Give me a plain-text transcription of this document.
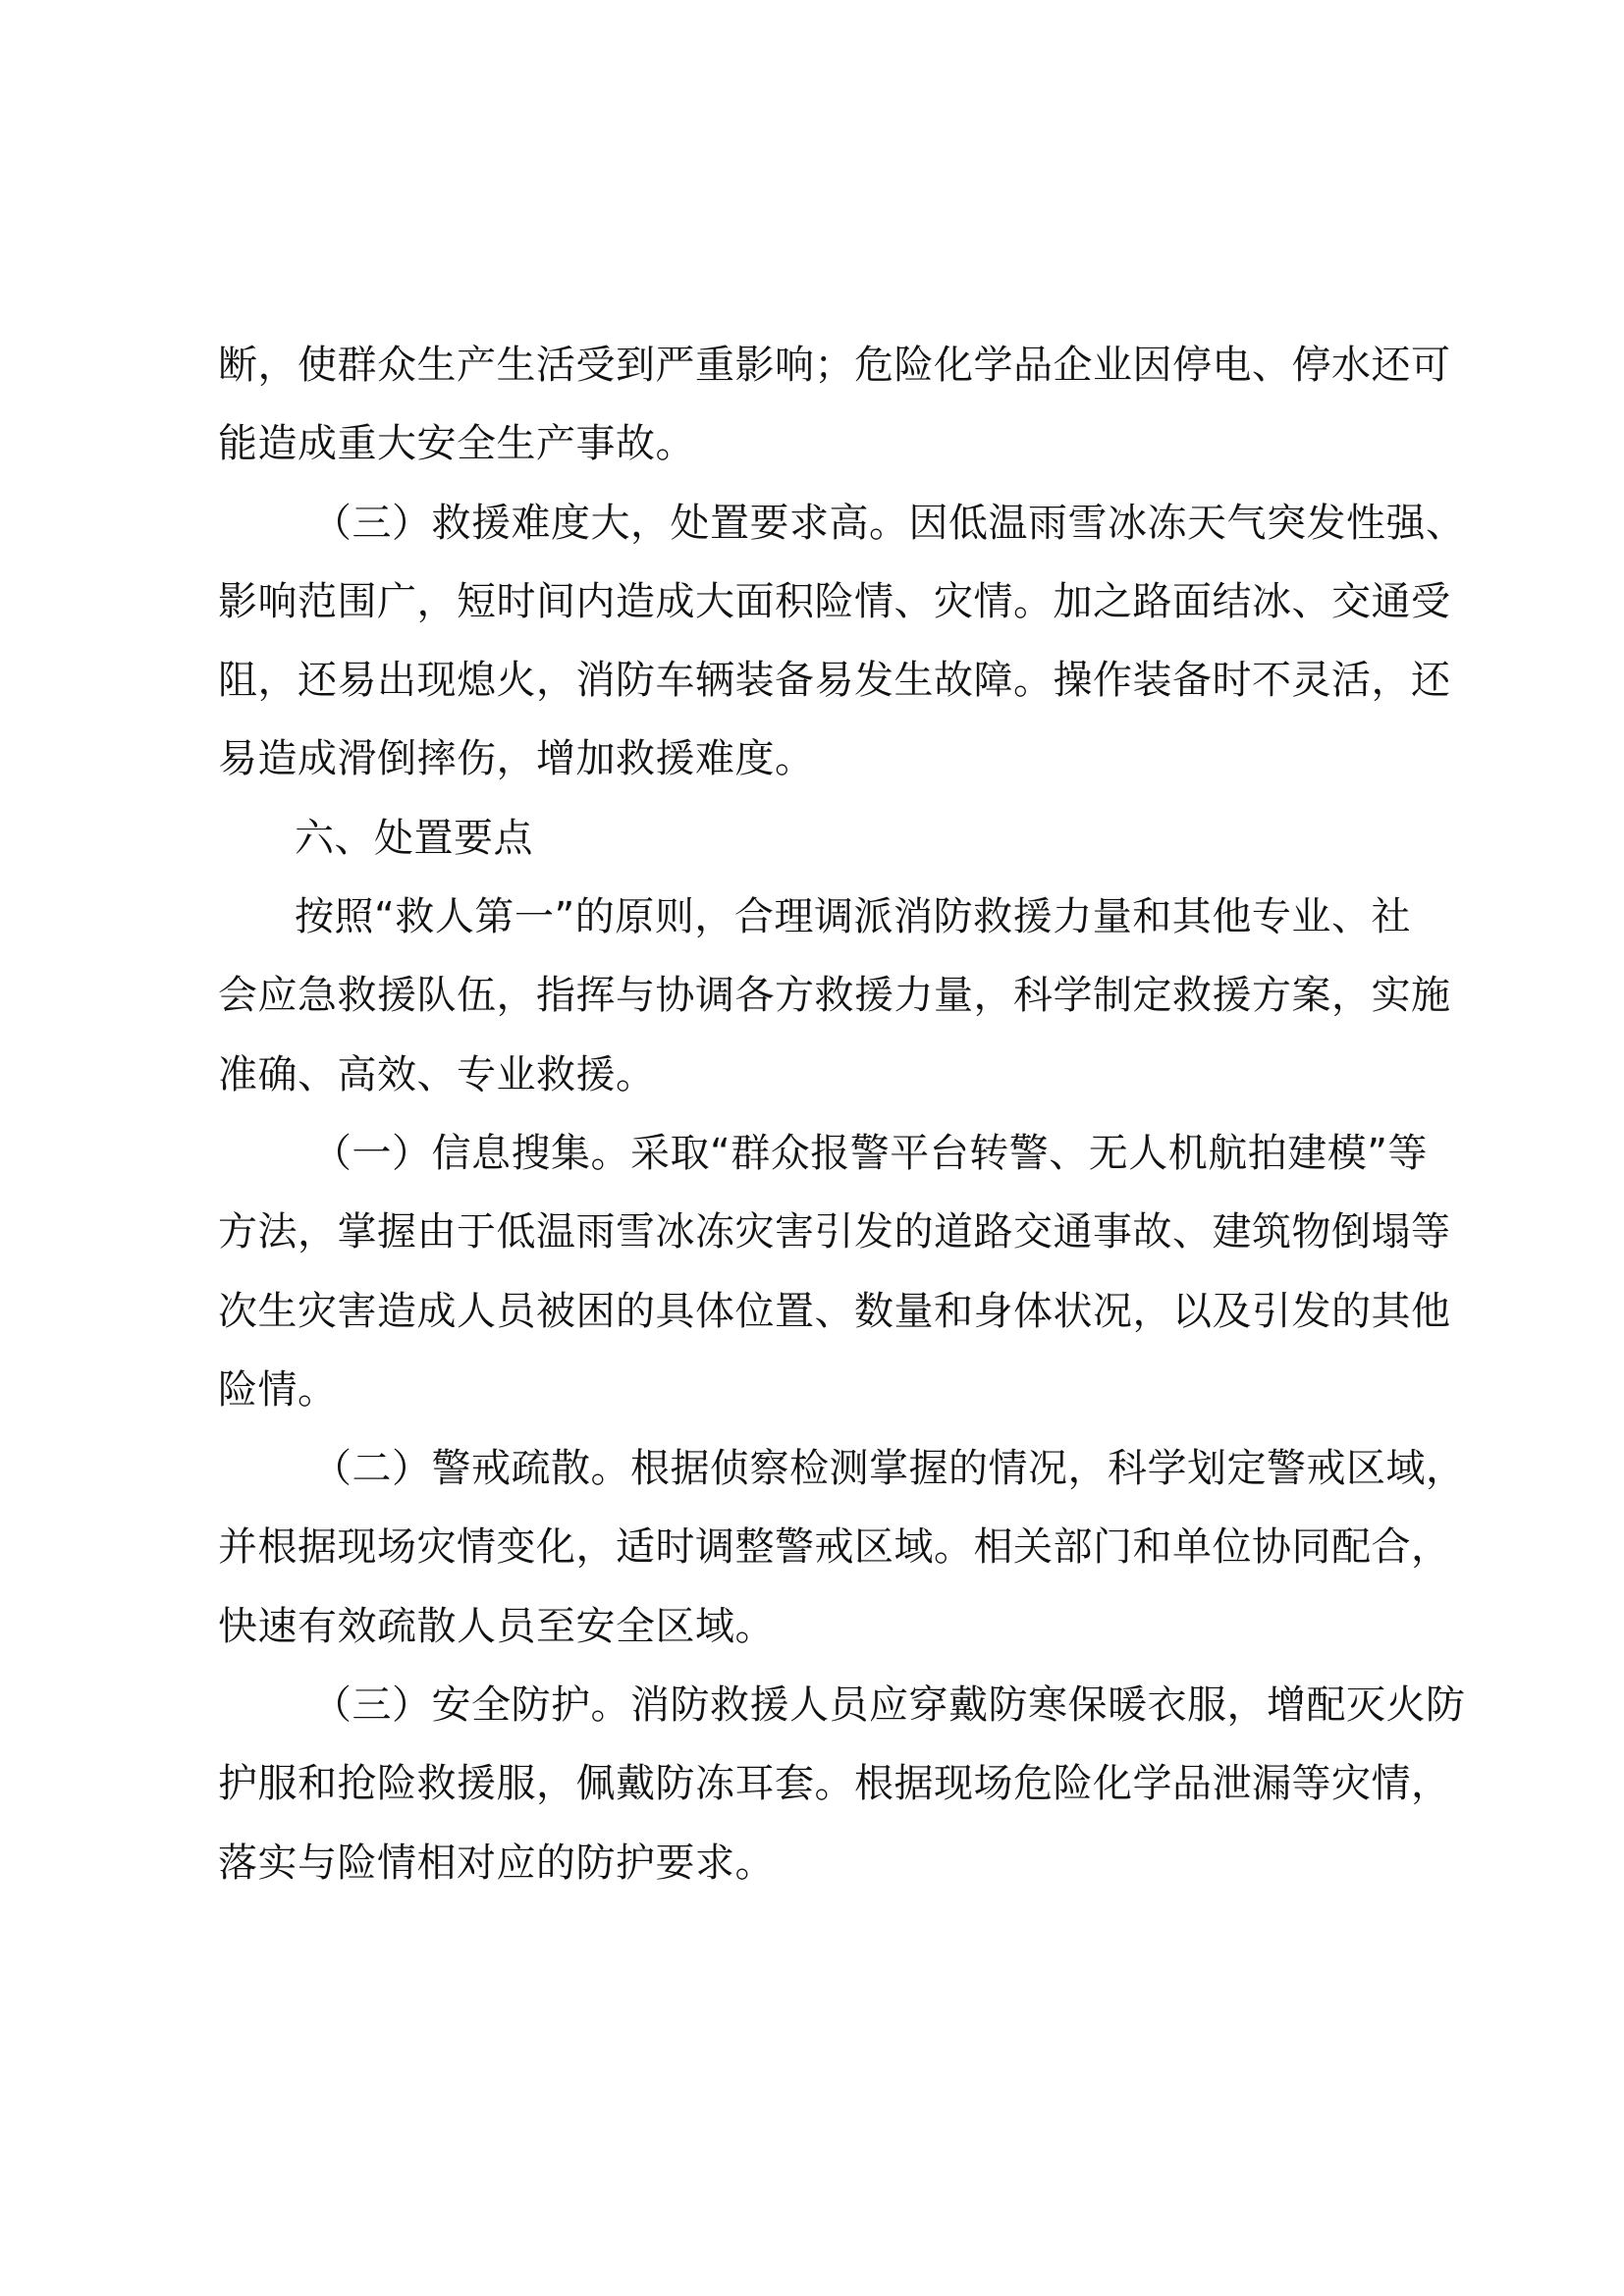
断，使群众生产生活受到严重影响；危险化学品企业因停电、停水还可
能造成重大安全生产事故。

（三）救援难度大，处置要求高。因低温雨雪冰冻天气突发性强、
影响范围广，短时间内造成大面积险情、灾情。加之路面结冰、交通受
阻，还易出现熄火，消防车辆装备易发生故障。操作装备时不灵活，还
易造成滑倒摔伤，增加救援难度。

六、处置要点

按照“救人第一”的原则，合理调派消防救援力量和其他专业、社
会应急救援队伍，指挥与协调各方救援力量，科学制定救援方案，实施
准确、高效、专业救援。

（一）信息搜集。采取“群众报警平台转警、无人机航拍建模”等
方法，掌握由于低温雨雪冰冻灾害引发的道路交通事故、建筑物倒塌等
次生灾害造成人员被困的具体位置、数量和身体状况，以及引发的其他
险情。

（二）警戒疏散。根据侦察检测掌握的情况，科学划定警戒区域，
并根据现场灾情变化，适时调整警戒区域。相关部门和单位协同配合，
快速有效疏散人员至安全区域。

（三）安全防护。消防救援人员应穿戴防寒保暖衣服，增配灭火防
护服和抢险救援服，佩戴防冻耳套。根据现场危险化学品泄漏等灾情，
落实与险情相对应的防护要求。
